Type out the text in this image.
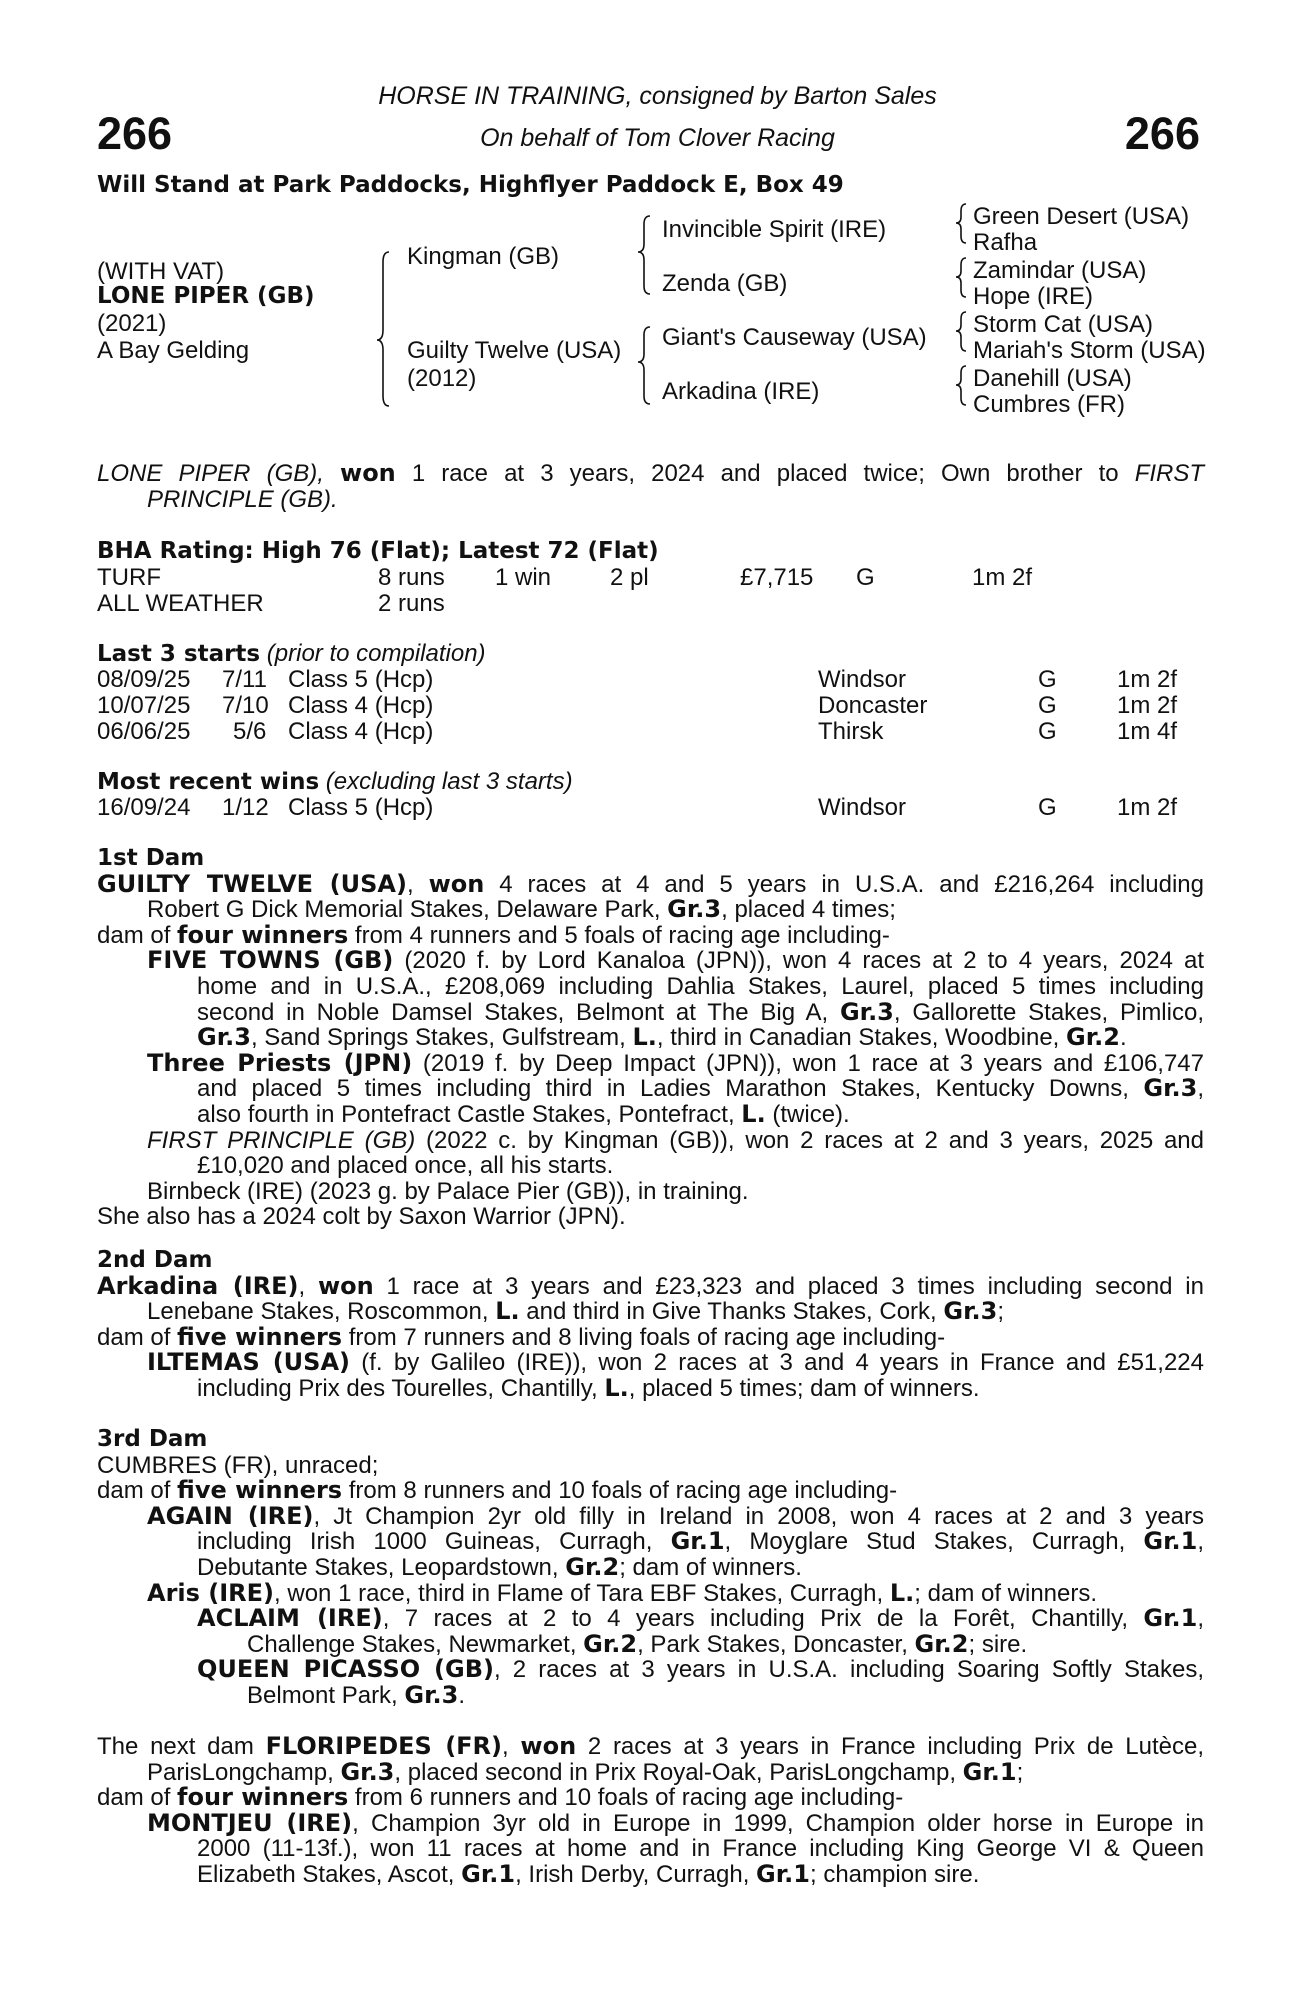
266	266
HORSE IN TRAINING, consigned by Barton Sales
On behalf of Tom Clover Racing
Will Stand at Park Paddocks, Highflyer Paddock E, Box 49
(WITH VAT)
LONE PIPER (GB)
(2021)
A Bay Gelding
Kingman (GB)
Guilty Twelve (USA)
(2012)
Invincible Spirit (IRE)
Zenda (GB)
Giant's Causeway (USA)
Arkadina (IRE)
Green Desert (USA)
Rafha
Zamindar (USA)
Hope (IRE)
Storm Cat (USA)
Mariah's Storm (USA)
Danehill (USA)
Cumbres (FR)
LONE PIPER (GB), won 1 race at 3 years, 2024 and placed twice; Own brother to FIRST
PRINCIPLE (GB).
BHA Rating: High 76 (Flat); Latest 72 (Flat)
TURF	8 runs 1 win 2 pl	£7,715 G	1m 2f
ALL WEATHER	2 runs
Last 3 starts (prior to compilation)
08/09/25 7/11 Class 5 (Hcp)	Windsor	G	1m 2f
10/07/25 7/10 Class 4 (Hcp)	Doncaster	G	1m 2f
06/06/25 5/6 Class 4 (Hcp)	Thirsk	G	1m 4f
Most recent wins (excluding last 3 starts)
16/09/24 1/12 Class 5 (Hcp)	Windsor	G	1m 2f
1st Dam
GUILTY TWELVE (USA), won 4 races at 4 and 5 years in U.S.A. and £216,264 including
Robert G Dick Memorial Stakes, Delaware Park, Gr.3, placed 4 times;
dam of four winners from 4 runners and 5 foals of racing age including-
FIVE TOWNS (GB) (2020 f. by Lord Kanaloa (JPN)), won 4 races at 2 to 4 years, 2024 at
home and in U.S.A., £208,069 including Dahlia Stakes, Laurel, placed 5 times including
second in Noble Damsel Stakes, Belmont at The Big A, Gr.3, Gallorette Stakes, Pimlico,
Gr.3, Sand Springs Stakes, Gulfstream, L., third in Canadian Stakes, Woodbine, Gr.2.
Three Priests (JPN) (2019 f. by Deep Impact (JPN)), won 1 race at 3 years and £106,747
and placed 5 times including third in Ladies Marathon Stakes, Kentucky Downs, Gr.3,
also fourth in Pontefract Castle Stakes, Pontefract, L. (twice).
FIRST PRINCIPLE (GB) (2022 c. by Kingman (GB)), won 2 races at 2 and 3 years, 2025 and
£10,020 and placed once, all his starts.
Birnbeck (IRE) (2023 g. by Palace Pier (GB)), in training.
She also has a 2024 colt by Saxon Warrior (JPN).
2nd Dam
Arkadina (IRE), won 1 race at 3 years and £23,323 and placed 3 times including second in
Lenebane Stakes, Roscommon, L. and third in Give Thanks Stakes, Cork, Gr.3;
dam of five winners from 7 runners and 8 living foals of racing age including-
ILTEMAS (USA) (f. by Galileo (IRE)), won 2 races at 3 and 4 years in France and £51,224
including Prix des Tourelles, Chantilly, L., placed 5 times; dam of winners.
3rd Dam
CUMBRES (FR), unraced;
dam of five winners from 8 runners and 10 foals of racing age including-
AGAIN (IRE), Jt Champion 2yr old filly in Ireland in 2008, won 4 races at 2 and 3 years
including Irish 1000 Guineas, Curragh, Gr.1, Moyglare Stud Stakes, Curragh, Gr.1,
Debutante Stakes, Leopardstown, Gr.2; dam of winners.
Aris (IRE), won 1 race, third in Flame of Tara EBF Stakes, Curragh, L.; dam of winners.
ACLAIM (IRE), 7 races at 2 to 4 years including Prix de la Forêt, Chantilly, Gr.1,
Challenge Stakes, Newmarket, Gr.2, Park Stakes, Doncaster, Gr.2; sire.
QUEEN PICASSO (GB), 2 races at 3 years in U.S.A. including Soaring Softly Stakes,
Belmont Park, Gr.3.
The next dam FLORIPEDES (FR), won 2 races at 3 years in France including Prix de Lutèce,
ParisLongchamp, Gr.3, placed second in Prix Royal-Oak, ParisLongchamp, Gr.1;
dam of four winners from 6 runners and 10 foals of racing age including-
MONTJEU (IRE), Champion 3yr old in Europe in 1999, Champion older horse in Europe in
2000 (11-13f.), won 11 races at home and in France including King George VI & Queen
Elizabeth Stakes, Ascot, Gr.1, Irish Derby, Curragh, Gr.1; champion sire.
